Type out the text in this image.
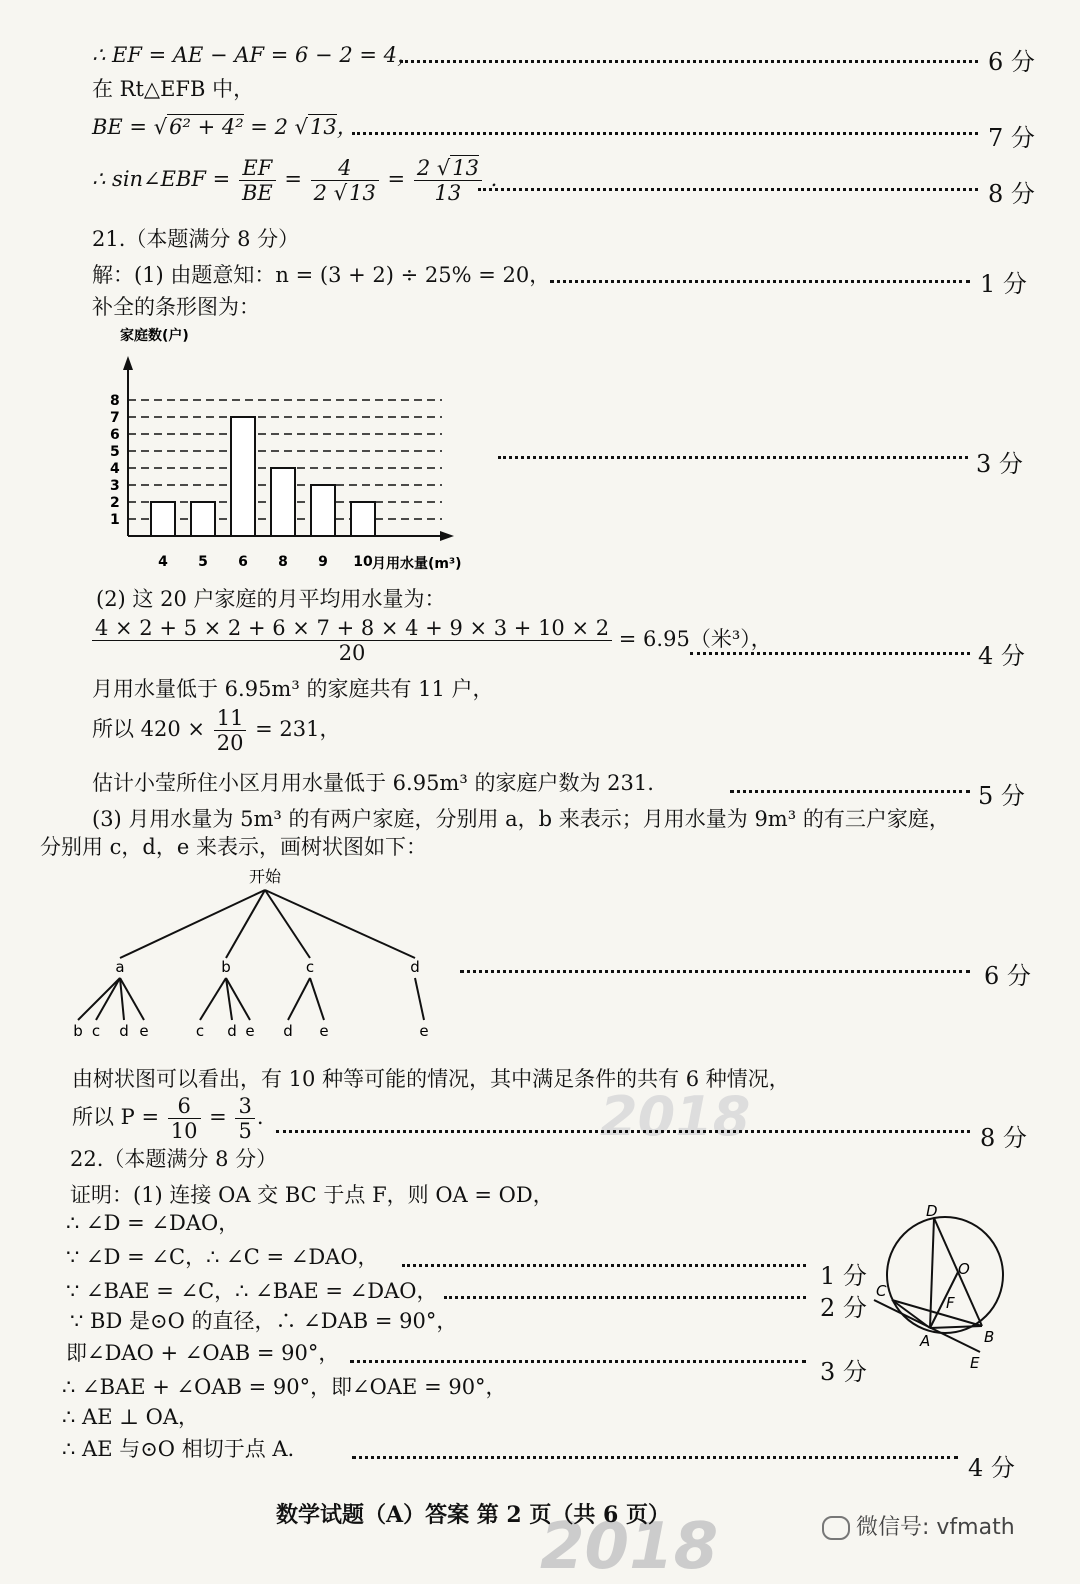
2018
2018
∴ EF = AE − AF = 6 − 2 = 4，	6 分
在 Rt△EFB 中，
BE = √6² + 4² = 2 √13，	7 分
∴ sin∠EBF = $\frac{EF}{BE} = \frac{4}{2 √13} = \frac{2 √13}{13}$ .
8 分
21.（本题满分 8 分）
解：(1) 由题意知：n = (3 + 2) ÷ 25% = 20，	1 分
补全的条形图为：
家庭数(户)
月用水量(m³)
1
2
3
4
5
6
7
8
4 5 6 8 9 10
3 分
(2) 这 20 户家庭的月平均用水量为：
$\frac{4 \times 2 + 5 \times 2 + 6 \times 7 + 8 \times 4 + 9 \times 3 + 10 \times 2}{20} = 6.95$（米³），
4 分
月用水量低于 6.95m³ 的家庭共有 11 户，
所以 $420 \times \frac{11}{20} = 231$，
估计小莹所住小区月用水量低于 6.95m³ 的家庭户数为 231.	5 分
(3) 月用水量为 5m³ 的有两户家庭，分别用 a，b 来表示；月用水量为 9m³ 的有三户家庭，
分别用 c，d，e 来表示，画树状图如下：
开始
a
b c d e
b
c d e
c
d e
d
e
6 分
由树状图可以看出，有 10 种等可能的情况，其中满足条件的共有 6 种情况，
所以 $P = \frac{6}{10} = \frac{3}{5}$ .
8 分
22.（本题满分 8 分）
证明：(1) 连接 OA 交 BC 于点 F，则 OA = OD，
∴ ∠D = ∠DAO，
∵ ∠D = ∠C，∴ ∠C = ∠DAO，
1 分
∵ ∠BAE = ∠C，∴ ∠BAE = ∠DAO，
2 分
∵ BD 是⊙O 的直径，∴ ∠DAB = 90°，
即∠DAO + ∠OAB = 90°，
3 分
∴ ∠BAE + ∠OAB = 90°，即∠OAE = 90°，
∴ AE ⊥ OA，
∴ AE 与⊙O 相切于点 A.
4 分
D
O
C
F
A	B
E
数学试题（A）答案 第 2 页（共 6 页）	微信号: vfmath
